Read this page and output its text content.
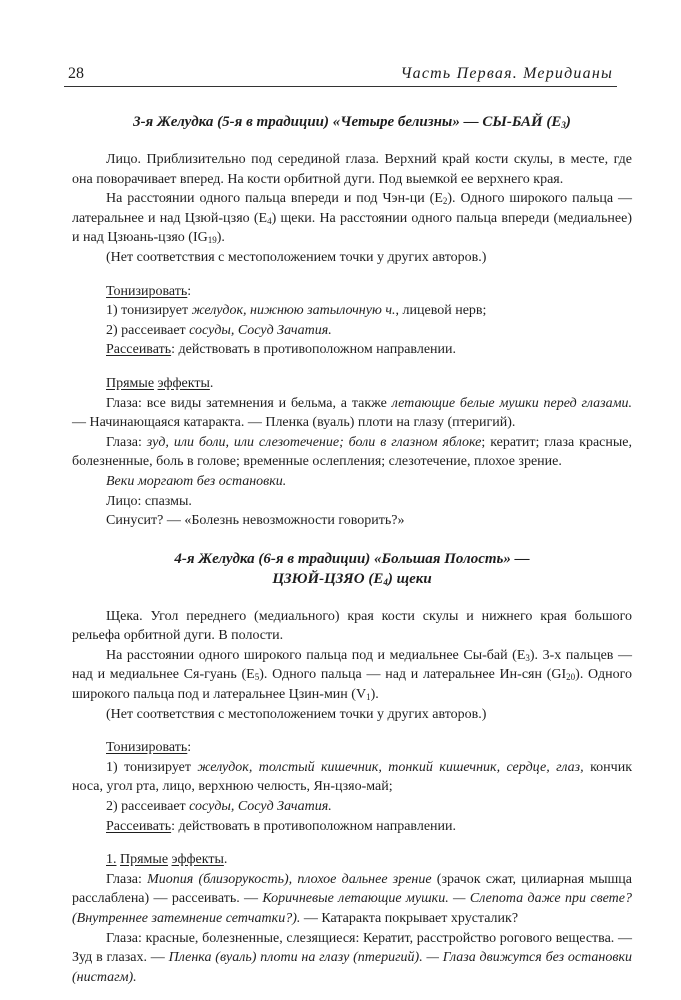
28	Часть Первая. Меридианы
3-я Желудка (5-я в традиции) «Четыре белизны» — СЫ-БАЙ $(Е_3)$

Лицо. Приблизительно под серединой глаза. Верхний край кости скулы, в месте, где она поворачивает вперед. На кости орбитной дуги. Под выемкой ее верхнего края.

На расстоянии одного пальца впереди и под Чэн-ци $(Е_2)$. Одного широкого пальца — латеральнее и над Цзюй-цзяо $(Е_4)$ щеки. На расстоянии одного пальца впереди (медиальнее) и над Цзюань-цзяо $(IG_{19})$.

(Нет соответствия с местоположением точки у других авторов.)

Тонизировать:

1) тонизирует желудок, нижнюю затылочную ч., лицевой нерв;

2) рассеивает сосуды, Сосуд Зачатия.

Рассеивать: действовать в противоположном направлении.

Прямые эффекты.

Глаза: все виды затемнения и бельма, а также летающие белые мушки перед глазами. — Начинающаяся катаракта. — Пленка (вуаль) плоти на глазу (птеригий).

Глаза: зуд, или боли, или слезотечение; боли в глазном яблоке; кератит; глаза красные, болезненные, боль в голове; временные ослепления; слезотечение, плохое зрение.

Веки моргают без остановки.

Лицо: спазмы.

Синусит? — «Болезнь невозможности говорить?»

4-я Желудка (6-я в традиции) «Большая Полость» —
ЦЗЮЙ-ЦЗЯО $(Е_4)$ щеки

Щека. Угол переднего (медиального) края кости скулы и нижнего края большого рельефа орбитной дуги. В полости.

На расстоянии одного широкого пальца под и медиальнее Сы-бай $(Е_3)$. 3-х пальцев — над и медиальнее Ся-гуань $(Е_5)$. Одного пальца — над и латеральнее Ин-сян $(GI_{20})$. Одного широкого пальца под и латеральнее Цзин-мин $(V_1)$.

(Нет соответствия с местоположением точки у других авторов.)

Тонизировать:

1) тонизирует желудок, толстый кишечник, тонкий кишечник, сердце, глаз, кончик носа, угол рта, лицо, верхнюю челюсть, Ян-цзяо-май;

2) рассеивает сосуды, Сосуд Зачатия.

Рассеивать: действовать в противоположном направлении.

1. Прямые эффекты.

Глаза: Миопия (близорукость), плохое дальнее зрение (зрачок сжат, цилиарная мышца расслаблена) — рассеивать. — Коричневые летающие мушки. — Слепота даже при свете? (Внутреннее затемнение сетчатки?). — Катаракта покрывает хрусталик?

Глаза: красные, болезненные, слезящиеся: Кератит, расстройство рогового вещества. — Зуд в глазах. — Пленка (вуаль) плоти на глазу (птеригий). — Глаза движутся без остановки (нистагм).
